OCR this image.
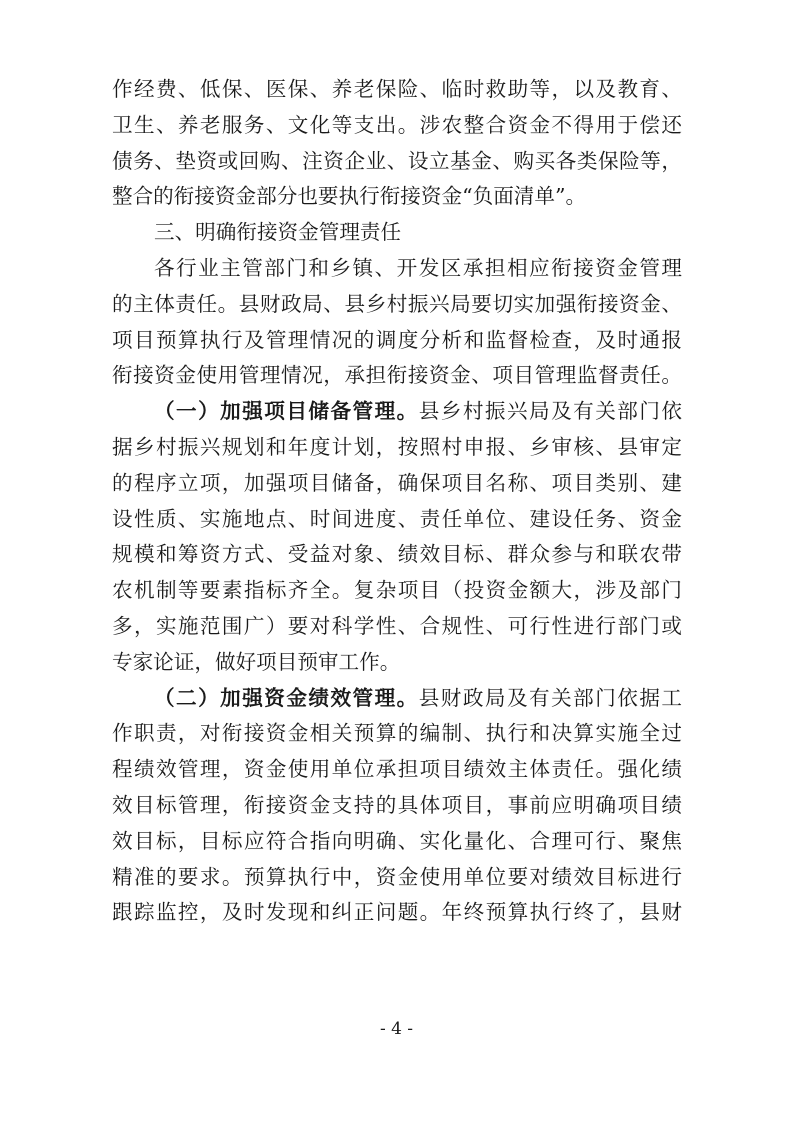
作经费、低保、医保、养老保险、临时救助等，以及教育、
卫生、养老服务、文化等支出。涉农整合资金不得用于偿还
债务、垫资或回购、注资企业、设立基金、购买各类保险等，
整合的衔接资金部分也要执行衔接资金“负面清单”。
三、明确衔接资金管理责任
各行业主管部门和乡镇、开发区承担相应衔接资金管理
的主体责任。县财政局、县乡村振兴局要切实加强衔接资金、
项目预算执行及管理情况的调度分析和监督检查，及时通报
衔接资金使用管理情况，承担衔接资金、项目管理监督责任。
（一）加强项目储备管理。县乡村振兴局及有关部门依
据乡村振兴规划和年度计划，按照村申报、乡审核、县审定
的程序立项，加强项目储备，确保项目名称、项目类别、建
设性质、实施地点、时间进度、责任单位、建设任务、资金
规模和筹资方式、受益对象、绩效目标、群众参与和联农带
农机制等要素指标齐全。复杂项目（投资金额大，涉及部门
多，实施范围广）要对科学性、合规性、可行性进行部门或
专家论证，做好项目预审工作。
（二）加强资金绩效管理。县财政局及有关部门依据工
作职责，对衔接资金相关预算的编制、执行和决算实施全过
程绩效管理，资金使用单位承担项目绩效主体责任。强化绩
效目标管理，衔接资金支持的具体项目，事前应明确项目绩
效目标，目标应符合指向明确、实化量化、合理可行、聚焦
精准的要求。预算执行中，资金使用单位要对绩效目标进行
跟踪监控，及时发现和纠正问题。年终预算执行终了，县财
- 4 -
